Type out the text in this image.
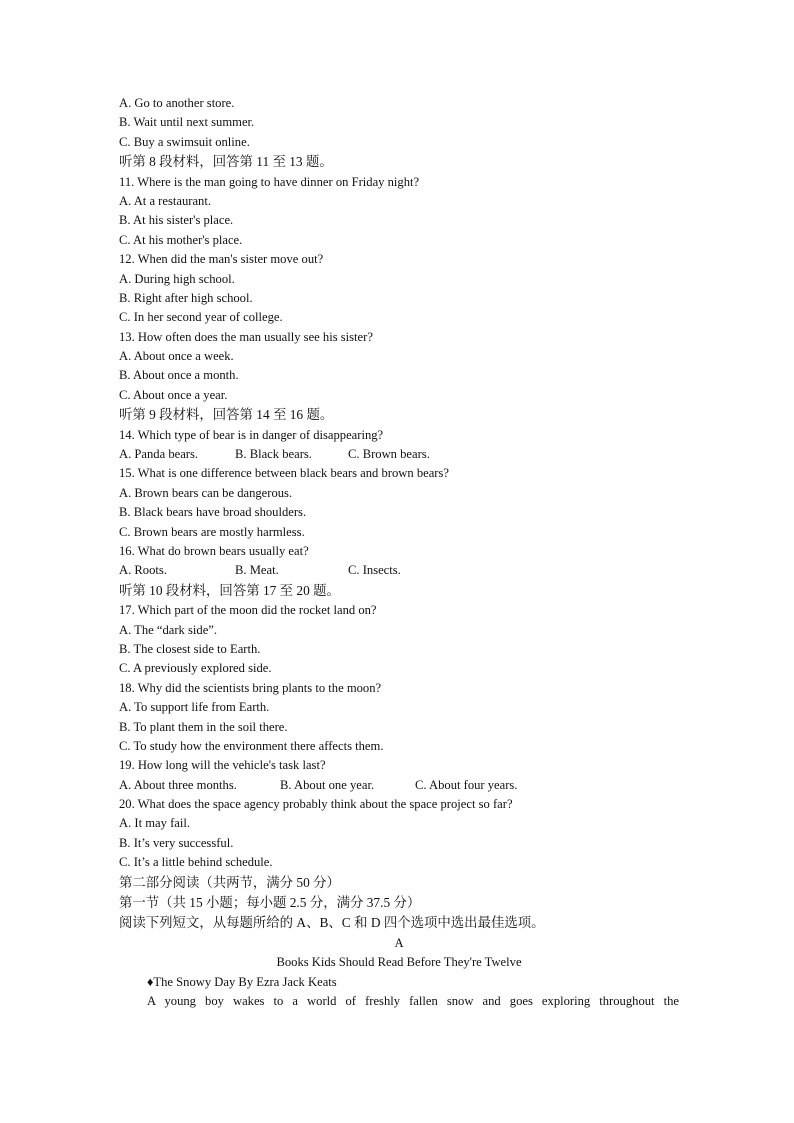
A. Go to another store.
B. Wait until next summer.
C. Buy a swimsuit online.
听第 8 段材料，回答第 11 至 13 题。
11. Where is the man going to have dinner on Friday night?
A. At a restaurant.
B. At his sister's place.
C. At his mother's place.
12. When did the man's sister move out?
A. During high school.
B. Right after high school.
C. In her second year of college.
13. How often does the man usually see his sister?
A. About once a week.
B. About once a month.
C. About once a year.
听第 9 段材料，回答第 14 至 16 题。
14. Which type of bear is in danger of disappearing?
A. Panda bears.	B. Black bears.	C. Brown bears.
15. What is one difference between black bears and brown bears?
A. Brown bears can be dangerous.
B. Black bears have broad shoulders.
C. Brown bears are mostly harmless.
16. What do brown bears usually eat?
A. Roots.	B. Meat.	C. Insects.
听第 10 段材料，回答第 17 至 20 题。
17. Which part of the moon did the rocket land on?
A. The “dark side”.
B. The closest side to Earth.
C. A previously explored side.
18. Why did the scientists bring plants to the moon?
A. To support life from Earth.
B. To plant them in the soil there.
C. To study how the environment there affects them.
19. How long will the vehicle's task last?
A. About three months.	B. About one year.	C. About four years.
20. What does the space agency probably think about the space project so far?
A. It may fail.
B. It’s very successful.
C. It’s a little behind schedule.
第二部分阅读（共两节，满分 50 分）
第一节（共 15 小题；每小题 2.5 分，满分 37.5 分）
阅读下列短文，从每题所给的 A、B、C 和 D 四个选项中选出最佳选项。
A
Books Kids Should Read Before They're Twelve
♦The Snowy Day By Ezra Jack Keats
A young boy wakes to a world of freshly fallen snow and goes exploring throughout the
